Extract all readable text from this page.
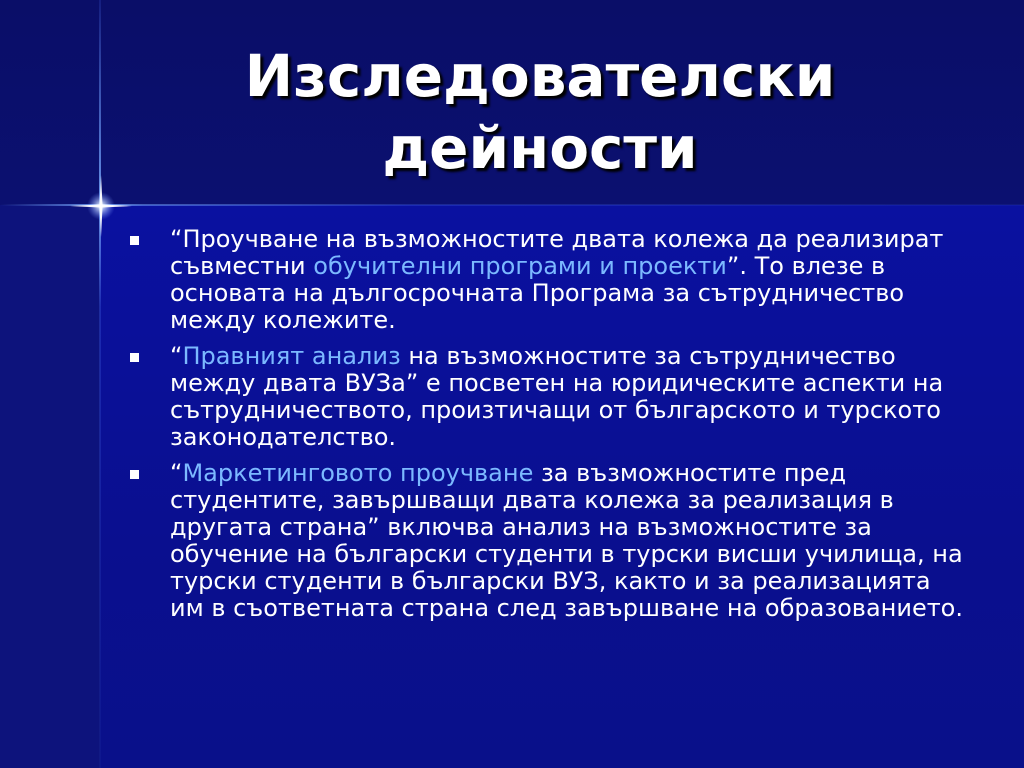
Изследователски
дейности
“Проучване на възможностите двата колежа да реализират съвместни обучителни програми и проекти”. То влезе в основата на дългосрочната Програма за сътрудничество между колежите.
“Правният анализ на възможностите за сътрудничество между двата ВУЗа” е посветен на юридическите аспекти на сътрудничеството, произтичащи от българското и турското законодателство.
“Маркетинговото проучване за възможностите пред студентите, завършващи двата колежа за реализация в другата страна” включва анализ на възможностите за обучение на български студенти в турски висши училища, на турски студенти в български ВУЗ, както и за реализацията им в съответната страна след завършване на образованието.
